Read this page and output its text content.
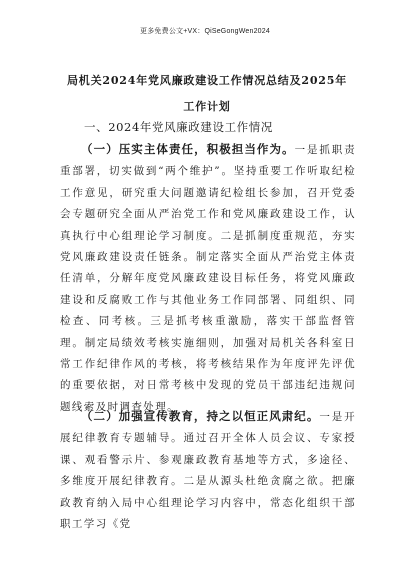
更多免费公文+VX：QiSeGongWen2024
局机关2024年党风廉政建设工作情况总结及2025年工作计划
一、2024年党风廉政建设工作情况

（一）压实主体责任，积极担当作为。一是抓职责重部署，切实做到“两个维护”。坚持重要工作听取纪检工作意见，研究重大问题邀请纪检组长参加，召开党委会专题研究全面从严治党工作和党风廉政建设工作，认真执行中心组理论学习制度。二是抓制度重规范，夯实党风廉政建设责任链条。制定落实全面从严治党主体责任清单，分解年度党风廉政建设目标任务，将党风廉政建设和反腐败工作与其他业务工作同部署、同组织、同检查、同考核。三是抓考核重激励，落实干部监督管理。制定局绩效考核实施细则，加强对局机关各科室日常工作纪律作风的考核，将考核结果作为年度评先评优的重要依据，对日常考核中发现的党员干部违纪违规问题线索及时调查处理。

（二）加强宣传教育，持之以恒正风肃纪。一是开展纪律教育专题辅导。通过召开全体人员会议、专家授课、观看警示片、参观廉政教育基地等方式，多途径、多维度开展纪律教育。二是从源头杜绝贪腐之欲。把廉政教育纳入局中心组理论学习内容中，常态化组织干部职工学习《党
